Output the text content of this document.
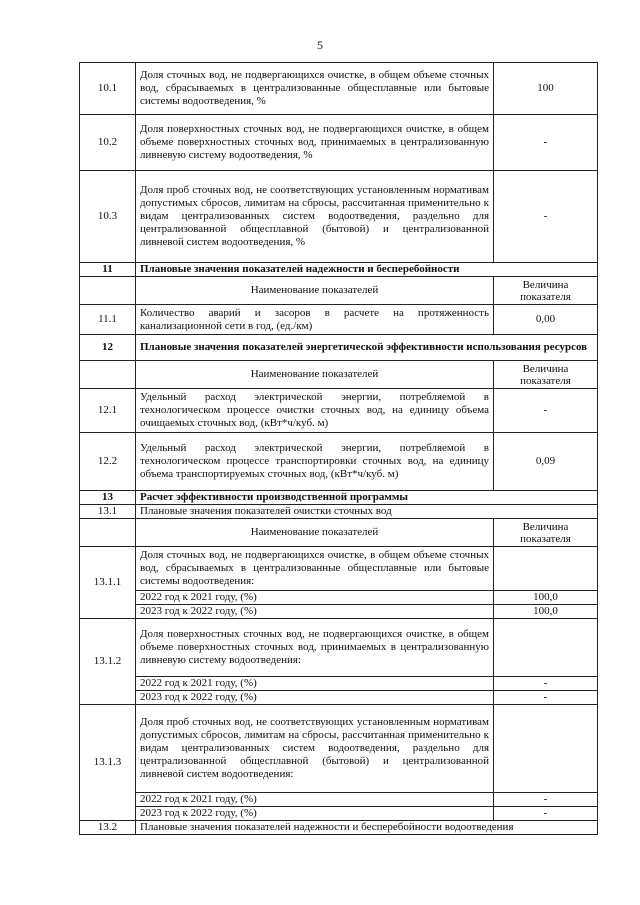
5
10.1	Доля сточных вод, не подвергающихся очистке, в общем объеме сточных вод, сбрасываемых в централизованные общесплавные или бытовые системы водоотведения, %	100
10.2	Доля поверхностных сточных вод, не подвергающихся очистке, в общем объеме поверхностных сточных вод, принимаемых в централизованную ливневую систему водоотведения, %	-
10.3	Доля проб сточных вод, не соответствующих установленным нормативам допустимых сбросов, лимитам на сбросы, рассчитанная применительно к видам централизованных систем водоотведения, раздельно для централизованной общесплавной (бытовой) и централизованной ливневой систем водоотведения, %	-
11	Плановые значения показателей надежности и бесперебойности	
	Наименование показателей	Величина показателя
11.1	Количество аварий и засоров в расчете на протяженность канализационной сети в год, (ед./км)	0,00
12	Плановые значения показателей энергетической эффективности использования ресурсов	
	Наименование показателей	Величина показателя
12.1	Удельный расход электрической энергии, потребляемой в технологическом процессе очистки сточных вод, на единицу объема очищаемых сточных вод, (кВт*ч/куб. м)	-
12.2	Удельный расход электрической энергии, потребляемой в технологическом процессе транспортировки сточных вод, на единицу объема транспортируемых сточных вод, (кВт*ч/куб. м)	0,09
13	Расчет эффективности производственной программы	
13.1	Плановые значения показателей очистки сточных вод	
	Наименование показателей	Величина показателя
13.1.1	Доля сточных вод, не подвергающихся очистке, в общем объеме сточных вод, сбрасываемых в централизованные общесплавные или бытовые системы водоотведения:	
	2022 год к 2021 году, (%)	100,0
	2023 год к 2022 году, (%)	100,0
13.1.2	Доля поверхностных сточных вод, не подвергающихся очистке, в общем объеме поверхностных сточных вод, принимаемых в централизованную ливневую систему водоотведения:	
	2022 год к 2021 году, (%)	-
	2023 год к 2022 году, (%)	-
13.1.3	Доля проб сточных вод, не соответствующих установленным нормативам допустимых сбросов, лимитам на сбросы, рассчитанная применительно к видам централизованных систем водоотведения, раздельно для централизованной общесплавной (бытовой) и централизованной ливневой систем водоотведения:	
	2022 год к 2021 году, (%)	-
	2023 год к 2022 году, (%)	-
13.2	Плановые значения показателей надежности и бесперебойности водоотведения	
